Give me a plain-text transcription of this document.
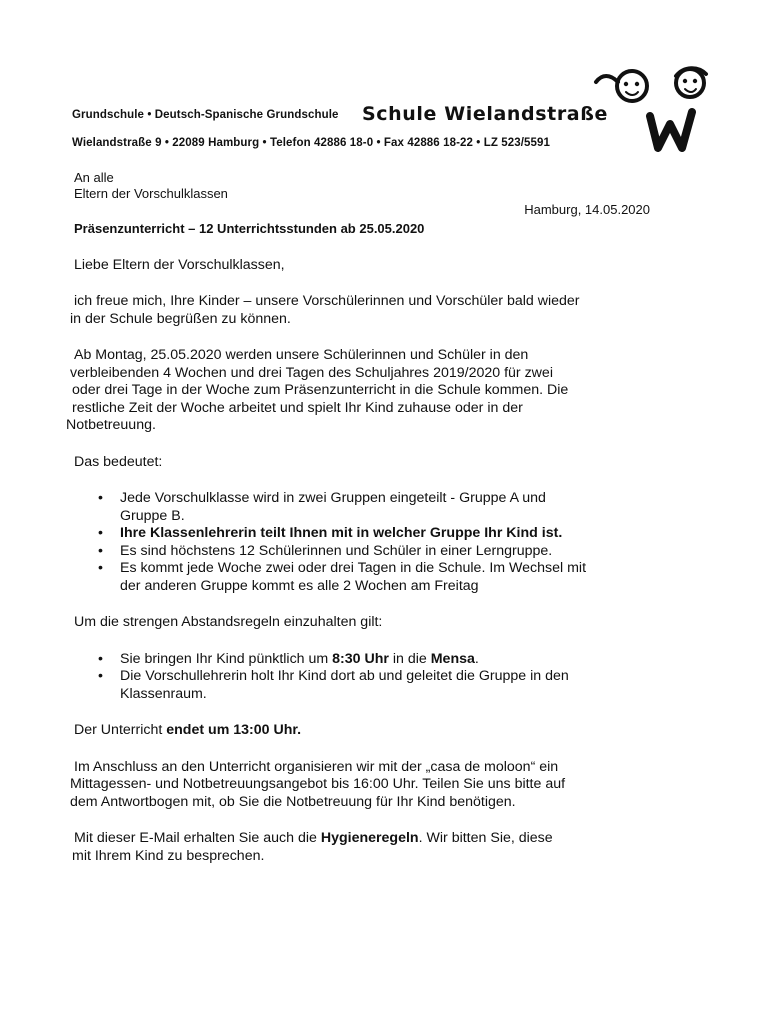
Grundschule • Deutsch-Spanische Grundschule Schule Wielandstraße
Wielandstraße 9 • 22089 Hamburg • Telefon 42886 18-0 • Fax 42886 18-22 • LZ 523/5591
An alle
Eltern der Vorschulklassen
Hamburg, 14.05.2020
Präsenzunterricht – 12 Unterrichtsstunden ab 25.05.2020
Liebe Eltern der Vorschulklassen,
ich freue mich, Ihre Kinder – unsere Vorschülerinnen und Vorschüler bald wieder
in der Schule begrüßen zu können.
Ab Montag, 25.05.2020 werden unsere Schülerinnen und Schüler in den
verbleibenden 4 Wochen und drei Tagen des Schuljahres 2019/2020 für zwei
oder drei Tage in der Woche zum Präsenzunterricht in die Schule kommen. Die
restliche Zeit der Woche arbeitet und spielt Ihr Kind zuhause oder in der
Notbetreuung.
Das bedeutet:
• Jede Vorschulklasse wird in zwei Gruppen eingeteilt - Gruppe A und
Gruppe B.
• Ihre Klassenlehrerin teilt Ihnen mit in welcher Gruppe Ihr Kind ist.
• Es sind höchstens 12 Schülerinnen und Schüler in einer Lerngruppe.
• Es kommt jede Woche zwei oder drei Tagen in die Schule. Im Wechsel mit
der anderen Gruppe kommt es alle 2 Wochen am Freitag
Um die strengen Abstandsregeln einzuhalten gilt:
• Sie bringen Ihr Kind pünktlich um 8:30 Uhr in die Mensa.
• Die Vorschullehrerin holt Ihr Kind dort ab und geleitet die Gruppe in den
Klassenraum.
Der Unterricht endet um 13:00 Uhr.
Im Anschluss an den Unterricht organisieren wir mit der „casa de moloon“ ein
Mittagessen- und Notbetreuungsangebot bis 16:00 Uhr. Teilen Sie uns bitte auf
dem Antwortbogen mit, ob Sie die Notbetreuung für Ihr Kind benötigen.
Mit dieser E-Mail erhalten Sie auch die Hygieneregeln. Wir bitten Sie, diese
mit Ihrem Kind zu besprechen.
